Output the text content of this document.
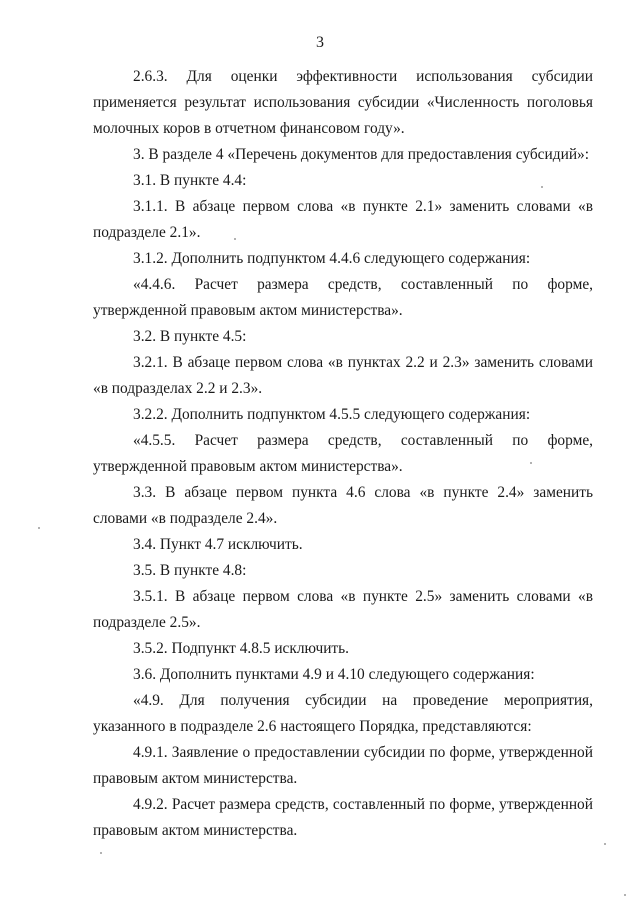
3

2.6.3. Для оценки эффективности использования субсидии применяется результат использования субсидии «Численность поголовья молочных коров в отчетном финансовом году».

3. В разделе 4 «Перечень документов для предоставления субсидий»:

3.1. В пункте 4.4:

3.1.1. В абзаце первом слова «в пункте 2.1» заменить словами «в подразделе 2.1».

3.1.2. Дополнить подпунктом 4.4.6 следующего содержания:

«4.4.6. Расчет размера средств, составленный по форме, утвержденной правовым актом министерства».

3.2. В пункте 4.5:

3.2.1. В абзаце первом слова «в пунктах 2.2 и 2.3» заменить словами «в подразделах 2.2 и 2.3».

3.2.2. Дополнить подпунктом 4.5.5 следующего содержания:

«4.5.5. Расчет размера средств, составленный по форме, утвержденной правовым актом министерства».

3.3. В абзаце первом пункта 4.6 слова «в пункте 2.4» заменить словами «в подразделе 2.4».

3.4. Пункт 4.7 исключить.

3.5. В пункте 4.8:

3.5.1. В абзаце первом слова «в пункте 2.5» заменить словами «в подразделе 2.5».

3.5.2. Подпункт 4.8.5 исключить.

3.6. Дополнить пунктами 4.9 и 4.10 следующего содержания:

«4.9. Для получения субсидии на проведение мероприятия, указанного в подразделе 2.6 настоящего Порядка, представляются:

4.9.1. Заявление о предоставлении субсидии по форме, утвержденной правовым актом министерства.

4.9.2. Расчет размера средств, составленный по форме, утвержденной правовым актом министерства.
